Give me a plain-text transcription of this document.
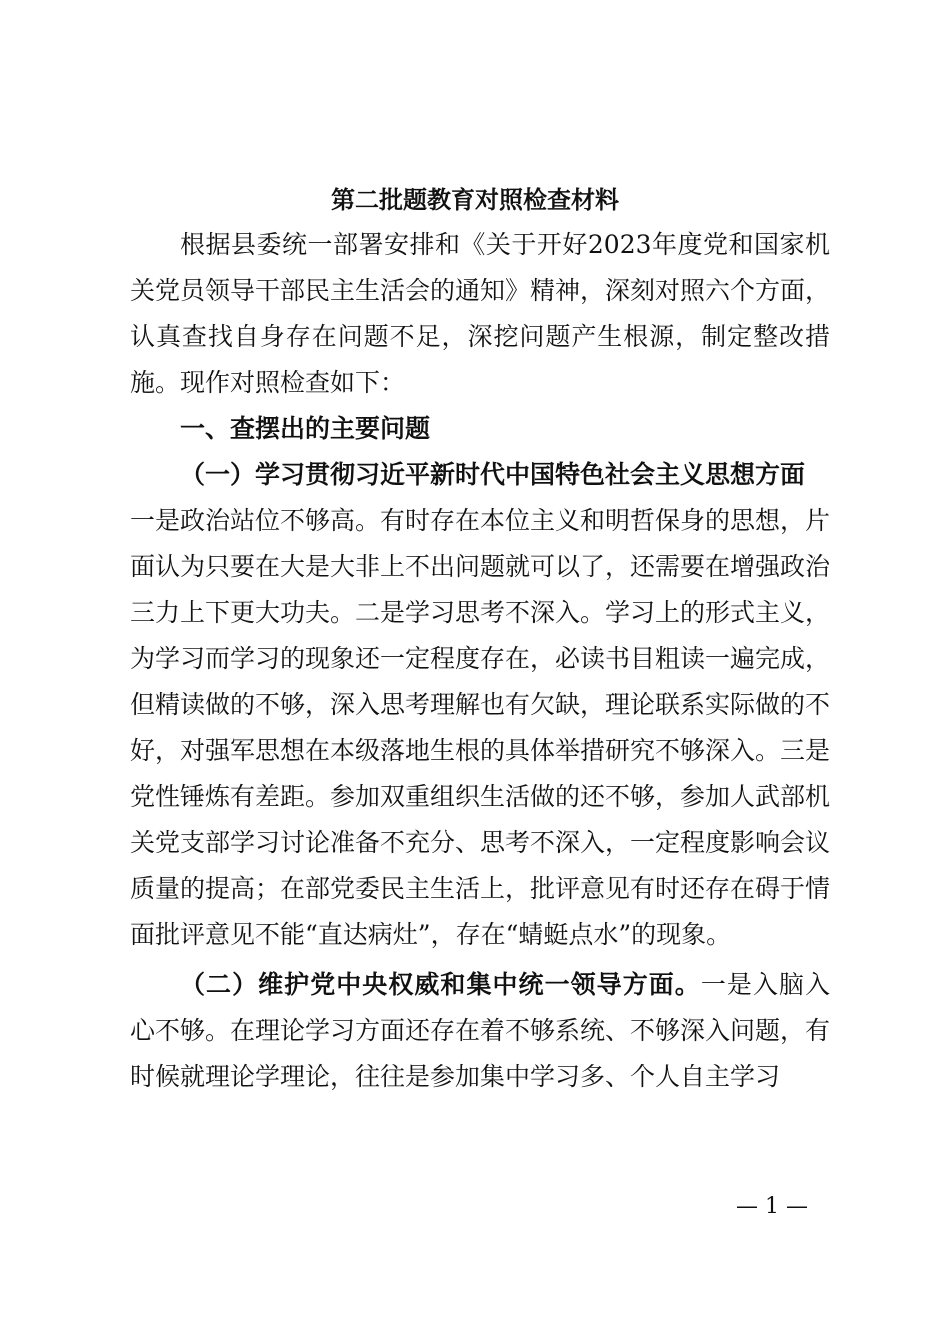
第二批题教育对照检查材料

根据县委统一部署安排和《关于开好2023年度党和国家机关党员领导干部民主生活会的通知》精神，深刻对照六个方面，认真查找自身存在问题不足，深挖问题产生根源，制定整改措施。现作对照检查如下：

一、查摆出的主要问题

（一）学习贯彻习近平新时代中国特色社会主义思想方面

一是政治站位不够高。有时存在本位主义和明哲保身的思想，片面认为只要在大是大非上不出问题就可以了，还需要在增强政治三力上下更大功夫。二是学习思考不深入。学习上的形式主义，为学习而学习的现象还一定程度存在，必读书目粗读一遍完成，但精读做的不够，深入思考理解也有欠缺，理论联系实际做的不好，对强军思想在本级落地生根的具体举措研究不够深入。三是党性锤炼有差距。参加双重组织生活做的还不够，参加人武部机关党支部学习讨论准备不充分、思考不深入，一定程度影响会议质量的提高；在部党委民主生活上，批评意见有时还存在碍于情面批评意见不能“直达病灶”，存在“蜻蜓点水”的现象。

（二）维护党中央权威和集中统一领导方面。一是入脑入心不够。在理论学习方面还存在着不够系统、不够深入问题，有时候就理论学理论，往往是参加集中学习多、个人自主学习

— 1 —
